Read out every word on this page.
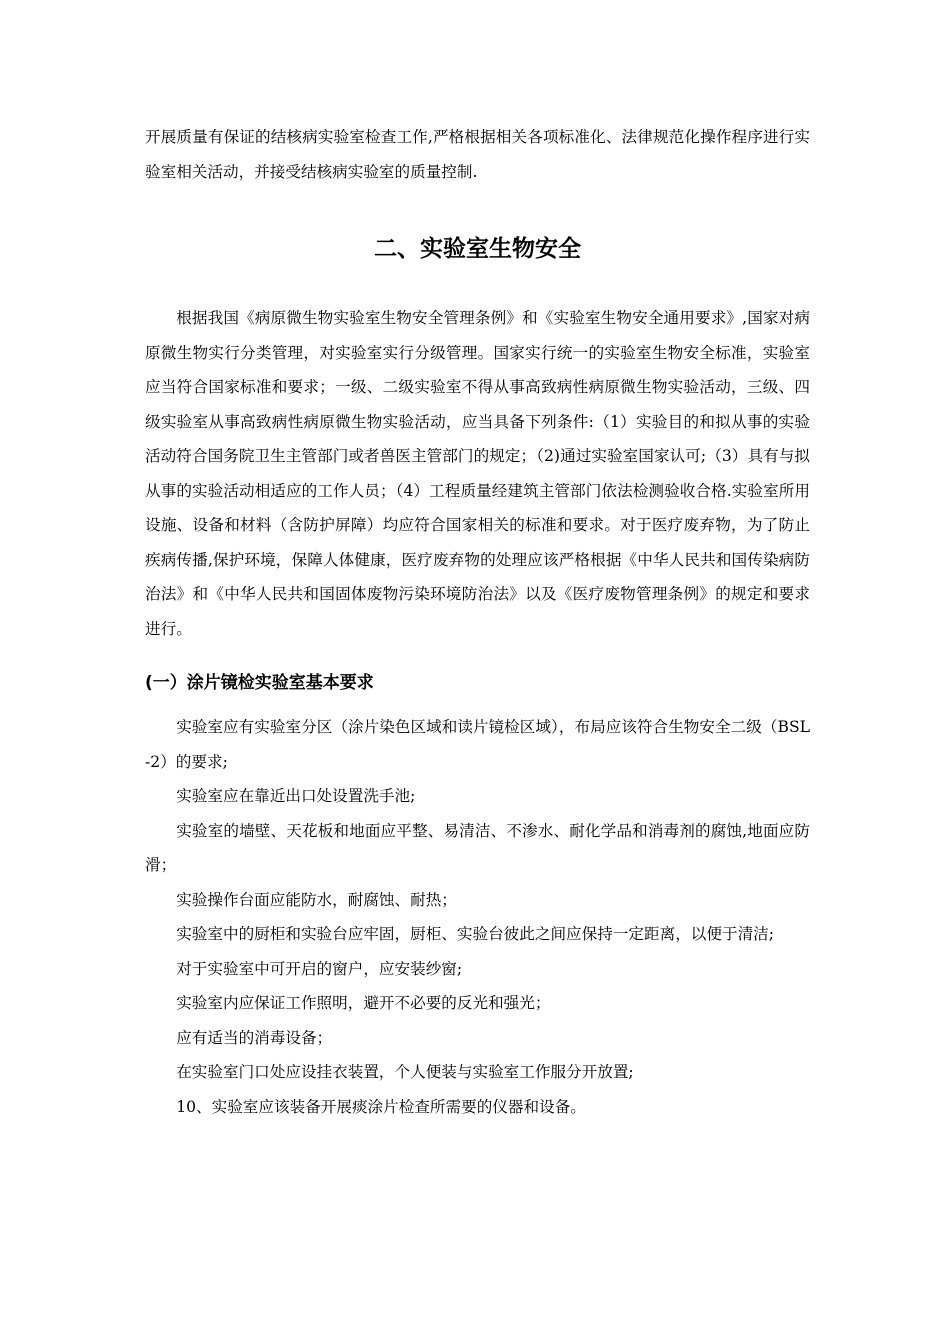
开展质量有保证的结核病实验室检查工作,严格根据相关各项标准化、法律规范化操作程序进行实验室相关活动，并接受结核病实验室的质量控制.

二、实验室生物安全

根据我国《病原微生物实验室生物安全管理条例》和《实验室生物安全通用要求》,国家对病原微生物实行分类管理，对实验室实行分级管理。国家实行统一的实验室生物安全标准，实验室应当符合国家标准和要求；一级、二级实验室不得从事高致病性病原微生物实验活动，三级、四级实验室从事高致病性病原微生物实验活动，应当具备下列条件:（1）实验目的和拟从事的实验活动符合国务院卫生主管部门或者兽医主管部门的规定；（2)通过实验室国家认可;（3）具有与拟从事的实验活动相适应的工作人员；（4）工程质量经建筑主管部门依法检测验收合格.实验室所用设施、设备和材料（含防护屏障）均应符合国家相关的标准和要求。对于医疗废弃物，为了防止疾病传播,保护环境，保障人体健康，医疗废弃物的处理应该严格根据《中华人民共和国传染病防治法》和《中华人民共和国固体废物污染环境防治法》以及《医疗废物管理条例》的规定和要求进行。

(一）涂片镜检实验室基本要求

实验室应有实验室分区（涂片染色区域和读片镜检区域），布局应该符合生物安全二级（BSL-2）的要求;

实验室应在靠近出口处设置洗手池;

实验室的墙壁、天花板和地面应平整、易清洁、不渗水、耐化学品和消毒剂的腐蚀,地面应防滑；

实验操作台面应能防水，耐腐蚀、耐热；

实验室中的厨柜和实验台应牢固，厨柜、实验台彼此之间应保持一定距离，以便于清洁;

对于实验室中可开启的窗户，应安装纱窗;

实验室内应保证工作照明，避开不必要的反光和强光；

应有适当的消毒设备；

在实验室门口处应设挂衣装置，个人便装与实验室工作服分开放置;

10、实验室应该装备开展痰涂片检查所需要的仪器和设备。
